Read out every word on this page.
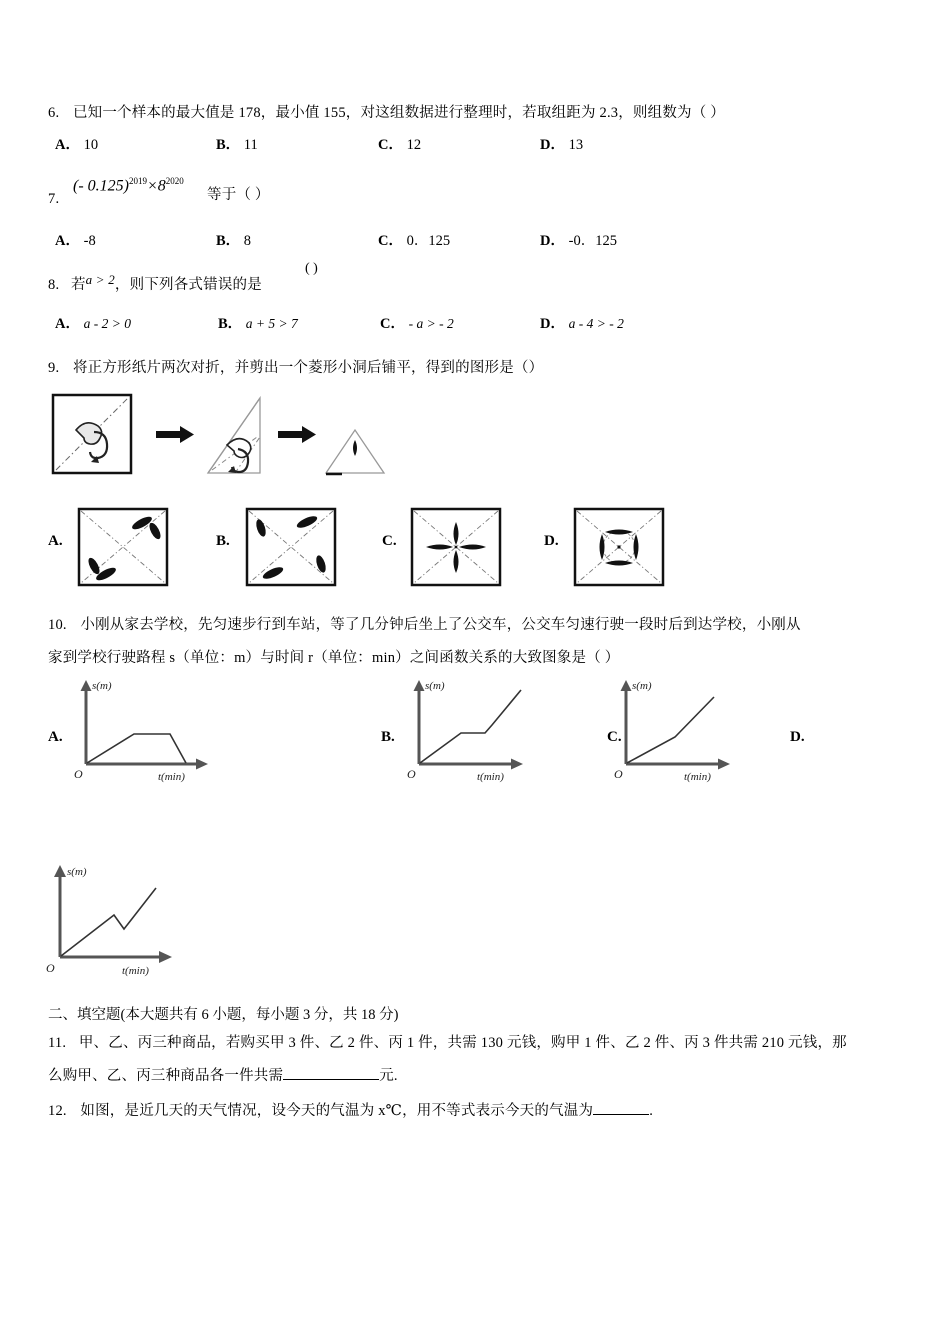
6. 已知一个样本的最大值是 178，最小值 155，对这组数据进行整理时，若取组距为 2.3，则组数为（ ）
A． 10	B． 11	C． 12	D． 13
7.
(- $0.125)^{2019}\times 8^{2020}$
等于（ ）
A． -8	B． 8	C． 0．125	D． -0．125
8. 若a > 2，则下列各式错误的是
( )
A． a - 2 > 0	B． a + 5 > 7	C． - a > - 2	D． a - 4 > - 2
9. 将正方形纸片两次对折，并剪出一个菱形小洞后铺平，得到的图形是（）
A.	B.	C.	D.
10. 小刚从家去学校，先匀速步行到车站，等了几分钟后坐上了公交车，公交车匀速行驶一段时后到达学校，小刚从
家到学校行驶路程 s（单位：m）与时间 r（单位：min）之间函数关系的大致图象是（ ）
A.
s(m)
O	t(min)
B.
s(m)
O	t(min)
C.
s(m)
O	t(min)
D.
s(m)
O	t(min)
二、填空题(本大题共有 6 小题，每小题 3 分，共 18 分)
11. 甲、乙、丙三种商品，若购买甲 3 件、乙 2 件、丙 1 件，共需 130 元钱，购甲 1 件、乙 2 件、丙 3 件共需 210 元钱，那
么购甲、乙、丙三种商品各一件共需	元.
12. 如图，是近几天的天气情况，设今天的气温为 x℃，用不等式表示今天的气温为	.
